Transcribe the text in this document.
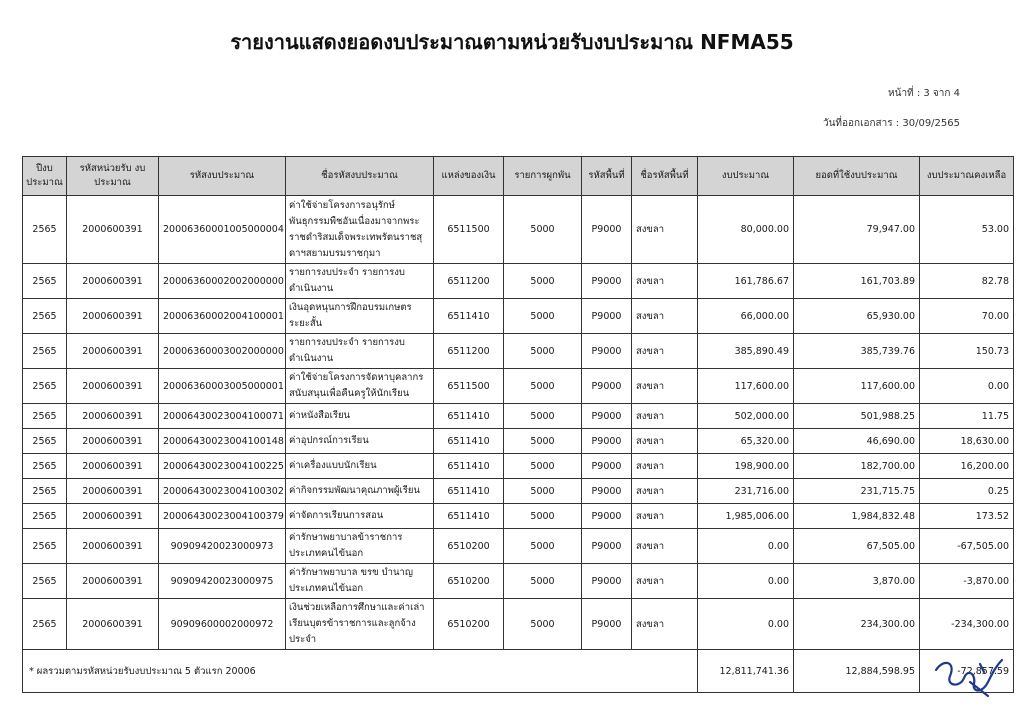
รายงานแสดงยอดงบประมาณตามหน่วยรับงบประมาณ NFMA55
หน้าที่ : 3 จาก 4
วันที่ออกเอกสาร : 30/09/2565
ปีงบ ประมาณ	รหัสหน่วยรับ งบประมาณ	รหัสงบประมาณ	ชื่อรหัสงบประมาณ	แหล่งของเงิน	รายการผูกพัน	รหัสพื้นที่	ชื่อรหัสพื้นที่	งบประมาณ	ยอดที่ใช้งบประมาณ	งบประมาณคงเหลือ
2565	2000600391	20006360001005000004	ค่าใช้จ่ายโครงการอนุรักษ์พันธุกรรมพืชอันเนื่องมาจากพระราชดำริสมเด็จพระเทพรัตนราชสุดาฯสยามบรมราชกุมา	6511500	5000	P9000	สงขลา	80,000.00	79,947.00	53.00
2565	2000600391	20006360002002000000	รายการงบประจำ รายการงบดำเนินงาน	6511200	5000	P9000	สงขลา	161,786.67	161,703.89	82.78
2565	2000600391	20006360002004100001	เงินอุดหนุนการฝึกอบรมเกษตรระยะสั้น	6511410	5000	P9000	สงขลา	66,000.00	65,930.00	70.00
2565	2000600391	20006360003002000000	รายการงบประจำ รายการงบดำเนินงาน	6511200	5000	P9000	สงขลา	385,890.49	385,739.76	150.73
2565	2000600391	20006360003005000001	ค่าใช้จ่ายโครงการจัดหาบุคลากรสนับสนุนเพื่อคืนครูให้นักเรียน	6511500	5000	P9000	สงขลา	117,600.00	117,600.00	0.00
2565	2000600391	20006430023004100071	ค่าหนังสือเรียน	6511410	5000	P9000	สงขลา	502,000.00	501,988.25	11.75
2565	2000600391	20006430023004100148	ค่าอุปกรณ์การเรียน	6511410	5000	P9000	สงขลา	65,320.00	46,690.00	18,630.00
2565	2000600391	20006430023004100225	ค่าเครื่องแบบนักเรียน	6511410	5000	P9000	สงขลา	198,900.00	182,700.00	16,200.00
2565	2000600391	20006430023004100302	ค่ากิจกรรมพัฒนาคุณภาพผู้เรียน	6511410	5000	P9000	สงขลา	231,716.00	231,715.75	0.25
2565	2000600391	20006430023004100379	ค่าจัดการเรียนการสอน	6511410	5000	P9000	สงขลา	1,985,006.00	1,984,832.48	173.52
2565	2000600391	90909420023000973	ค่ารักษาพยาบาลข้าราชการประเภทคนไข้นอก	6510200	5000	P9000	สงขลา	0.00	67,505.00	-67,505.00
2565	2000600391	90909420023000975	ค่ารักษาพยาบาล ขรข บำนาญประเภทคนไข้นอก	6510200	5000	P9000	สงขลา	0.00	3,870.00	-3,870.00
2565	2000600391	90909600002000972	เงินช่วยเหลือการศึกษาและค่าเล่าเรียนบุตรข้าราชการและลูกจ้างประจำ	6510200	5000	P9000	สงขลา	0.00	234,300.00	-234,300.00
* ผลรวมตามรหัสหน่วยรับงบประมาณ 5 ตัวแรก 20006								12,811,741.36	12,884,598.95	-72,857.59
